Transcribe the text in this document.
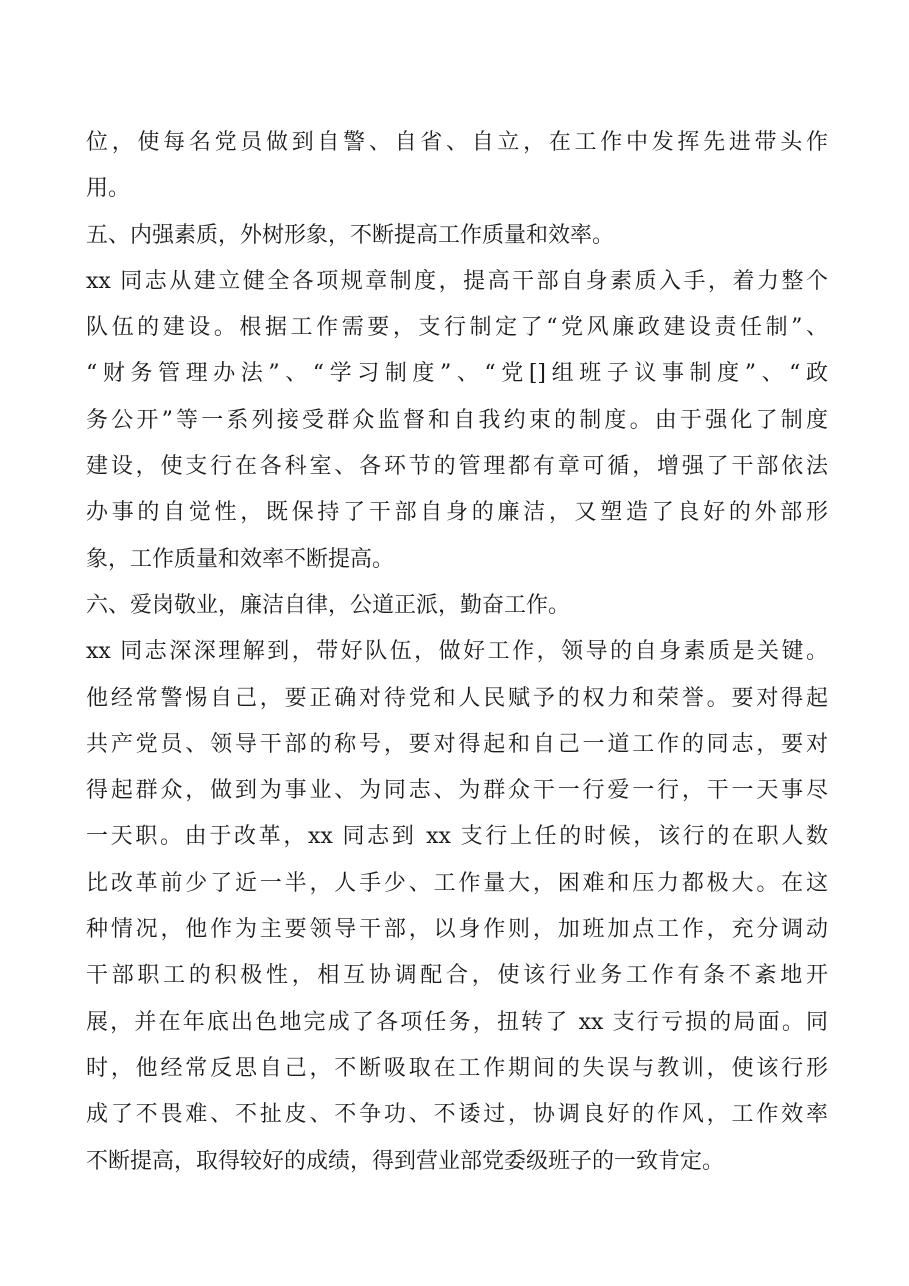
位，使每名党员做到自警、自省、自立，在工作中发挥先进带头作
用。
五、内强素质，外树形象，不断提高工作质量和效率。
xx 同志从建立健全各项规章制度，提高干部自身素质入手，着力整个
队伍的建设。根据工作需要，支行制定了“党风廉政建设责任制”、
“财务管理办法”、“学习制度”、“党[]组班子议事制度”、“政
务公开”等一系列接受群众监督和自我约束的制度。由于强化了制度
建设，使支行在各科室、各环节的管理都有章可循，增强了干部依法
办事的自觉性，既保持了干部自身的廉洁，又塑造了良好的外部形
象，工作质量和效率不断提高。
六、爱岗敬业，廉洁自律，公道正派，勤奋工作。
xx 同志深深理解到，带好队伍，做好工作，领导的自身素质是关键。
他经常警惕自己，要正确对待党和人民赋予的权力和荣誉。要对得起
共产党员、领导干部的称号，要对得起和自己一道工作的同志，要对
得起群众，做到为事业、为同志、为群众干一行爱一行，干一天事尽
一天职。由于改革，xx 同志到 xx 支行上任的时候，该行的在职人数
比改革前少了近一半，人手少、工作量大，困难和压力都极大。在这
种情况，他作为主要领导干部，以身作则，加班加点工作，充分调动
干部职工的积极性，相互协调配合，使该行业务工作有条不紊地开
展，并在年底出色地完成了各项任务，扭转了 xx 支行亏损的局面。同
时，他经常反思自己，不断吸取在工作期间的失误与教训，使该行形
成了不畏难、不扯皮、不争功、不诿过，协调良好的作风，工作效率
不断提高，取得较好的成绩，得到营业部党委级班子的一致肯定。
